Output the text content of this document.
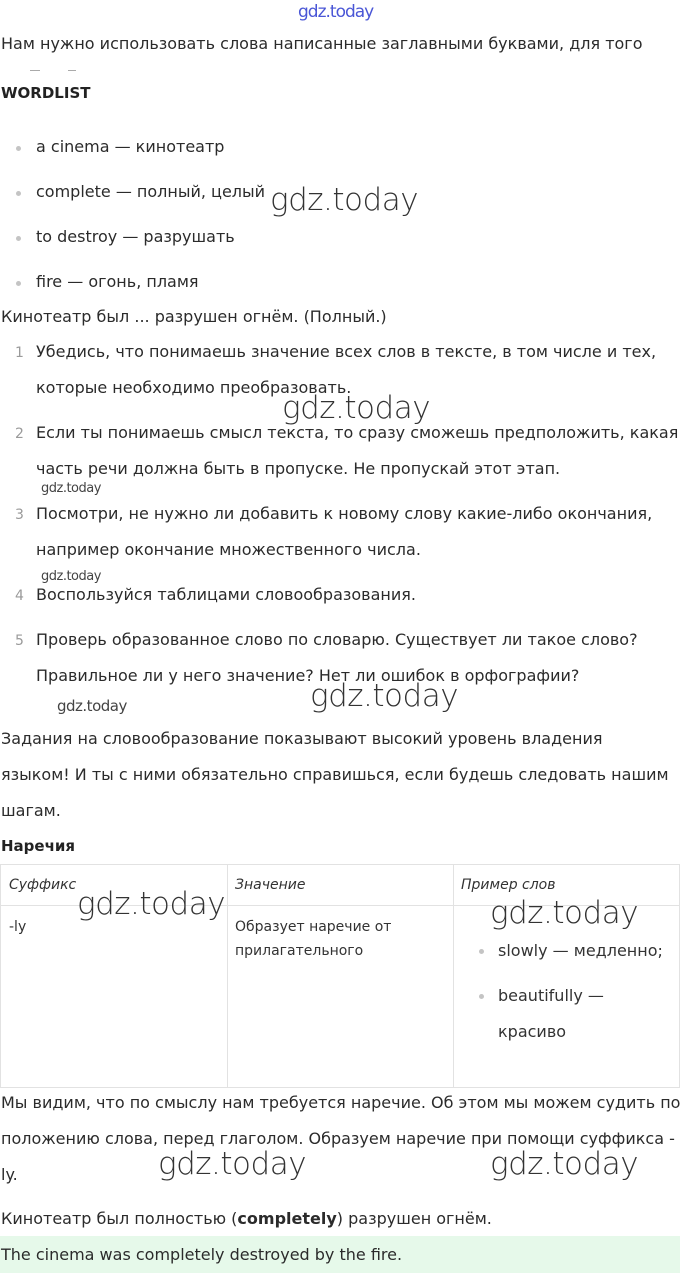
gdz.today
gdz.today
gdz.today
gdz.today
gdz.today
gdz.today
gdz.today
gdz.today	gdz.today
gdz.today	gdz.today
Нам нужно использовать слова написанные заглавными буквами, для того
WORDLIST
a cinema — кинотеатр
complete — полный, целый
to destroy — разрушать
fire — огонь, пламя
Кинотеатр был ... разрушен огнём. (Полный.)
1 Убедись, что понимаешь значение всех слов в тексте, в том числе и тех,
которые необходимо преобразовать.
2 Если ты понимаешь смысл текста, то сразу сможешь предположить, какая
часть речи должна быть в пропуске. Не пропускай этот этап.
3 Посмотри, не нужно ли добавить к новому слову какие-либо окончания,
например окончание множественного числа.
4 Воспользуйся таблицами словообразования.
5 Проверь образованное слово по словарю. Существует ли такое слово?
Правильное ли у него значение? Нет ли ошибок в орфографии?
Задания на словообразование показывают высокий уровень владения
языком! И ты с ними обязательно справишься, если будешь следовать нашим
шагам.
Наречия
Суффикс	Значение	Пример слов
-ly	Образует наречие от
прилагательного	slowly — медленно;
beautifully —
красиво
Мы видим, что по смыслу нам требуется наречие. Об этом мы можем судить по
положению слова, перед глаголом. Образуем наречие при помощи суффикса -
ly.
Кинотеатр был полностью (completely) разрушен огнём.
The cinema was completely destroyed by the fire.
